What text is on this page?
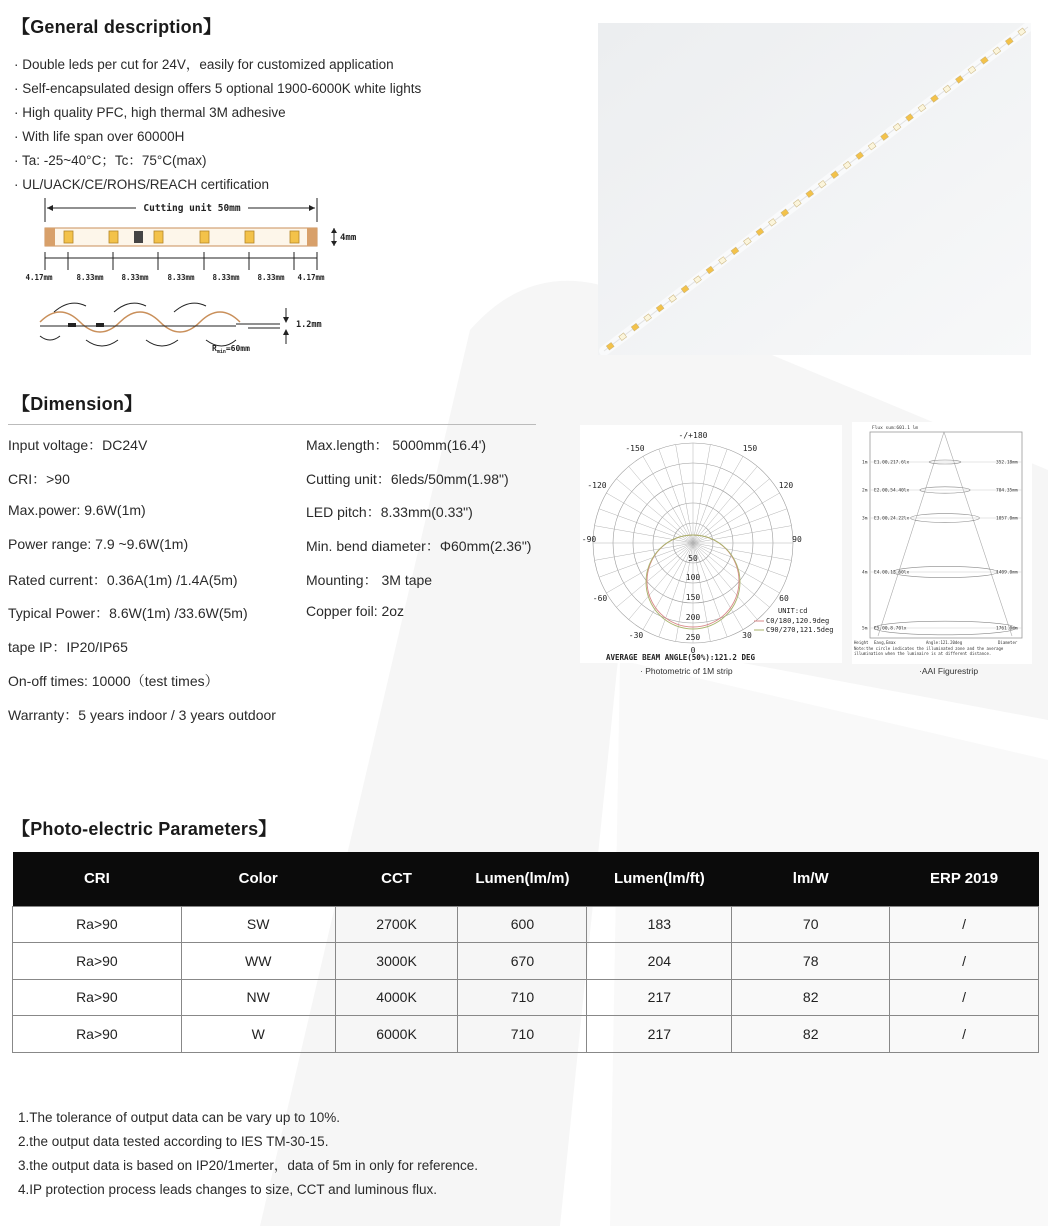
【General description】
· Double leds per cut for 24V，easily for customized application
· Self-encapsulated design offers 5 optional 1900-6000K white lights
· High quality PFC, high thermal 3M adhesive
· With life span over 60000H
· Ta: -25~40°C；Tc：75°C(max)
· UL/UACK/CE/ROHS/REACH certification
Cutting unit 50mm
4mm
4.17mm	8.33mm 8.33mm	8.33mm 8.33mm 8.33mm 4.17mm
1.2mm
$R_{min}=60mm$
【Dimension】
Input voltage：DC24V
CRI：>90
Max.power: 9.6W(1m)
Power range: 7.9 ~9.6W(1m)
Rated current：0.36A(1m) /1.4A(5m)
Typical Power：8.6W(1m) /33.6W(5m)
tape IP：IP20/IP65
On-off times: 10000（test times）
Warranty：5 years indoor / 3 years outdoor
Max.length： 5000mm(16.4')
Cutting unit：6leds/50mm(1.98")
LED pitch：8.33mm(0.33")
Min. bend diameter：Φ60mm(2.36")
Mounting： 3M tape
Copper foil: 2oz
-/+180
-150	150
-120	120
-90	90
-60	60
-30	30
0
50
100
150
200
250
UNIT:cd
C0/180,120.9deg
C90/270,121.5deg
AVERAGE BEAM ANGLE(50%):121.2 DEG
· Photometric of 1M strip
Flux sum:601.1 lm
1m E1.00,217.6lx	352.18mm
2m E2.00,54.40lx	704.35mm
3m E3.00,24.22lx	1057.0mm
4m E4.00,13.60lx	1409.0mm
5m E5.00,8.70lx	1761.0mm
Height Eavg,Emax	Angle:121.20deg	Diameter
Note:the circle indicates the illuminated zone and the average illumination when the luminaire is at different distance.
·AAI Figurestrip
【Photo-electric Parameters】
CRI	Color	CCT	Lumen(lm/m)	Lumen(lm/ft)	lm/W	ERP 2019
Ra>90	SW	2700K	600	183	70	/
Ra>90	WW	3000K	670	204	78	/
Ra>90	NW	4000K	710	217	82	/
Ra>90	W	6000K	710	217	82	/
1.The tolerance of output data can be vary up to 10%.
2.the output data tested according to IES TM-30-15.
3.the output data is based on IP20/1merter，data of 5m in only for reference.
4.IP protection process leads changes to size, CCT and luminous flux.
